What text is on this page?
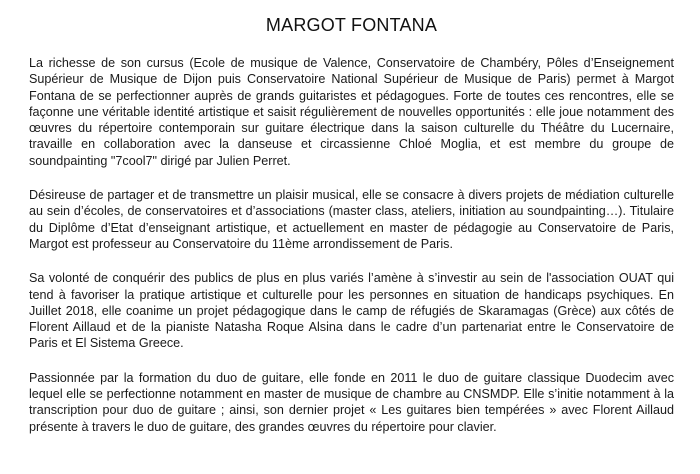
MARGOT FONTANA

La richesse de son cursus (Ecole de musique de Valence, Conservatoire de Chambéry, Pôles d’Enseignement Supérieur de Musique de Dijon puis Conservatoire National Supérieur de Musique de Paris) permet à Margot Fontana de se perfectionner auprès de grands guitaristes et pédagogues. Forte de toutes ces rencontres, elle se façonne une véritable identité artistique et saisit régulièrement de nouvelles opportunités : elle joue notamment des œuvres du répertoire contemporain sur guitare électrique dans la saison culturelle du Théâtre du Lucernaire, travaille en collaboration avec la danseuse et circassienne Chloé Moglia, et est membre du groupe de soundpainting "7cool7" dirigé par Julien Perret.

Désireuse de partager et de transmettre un plaisir musical, elle se consacre à divers projets de médiation culturelle au sein d’écoles, de conservatoires et d’associations (master class, ateliers, initiation au soundpainting…). Titulaire du Diplôme d’Etat d’enseignant artistique, et actuellement en master de pédagogie au Conservatoire de Paris, Margot est professeur au Conservatoire du 11ème arrondissement de Paris.

Sa volonté de conquérir des publics de plus en plus variés l’amène à s’investir au sein de l'association OUAT qui tend à favoriser la pratique artistique et culturelle pour les personnes en situation de handicaps psychiques. En Juillet 2018, elle coanime un projet pédagogique dans le camp de réfugiés de Skaramagas (Grèce) aux côtés de Florent Aillaud et de la pianiste Natasha Roque Alsina dans le cadre d’un partenariat entre le Conservatoire de Paris et El Sistema Greece.

Passionnée par la formation du duo de guitare, elle fonde en 2011 le duo de guitare classique Duodecim avec lequel elle se perfectionne notamment en master de musique de chambre au CNSMDP. Elle s’initie notamment à la transcription pour duo de guitare ; ainsi, son dernier projet « Les guitares bien tempérées » avec Florent Aillaud présente à travers le duo de guitare, des grandes œuvres du répertoire pour clavier.
